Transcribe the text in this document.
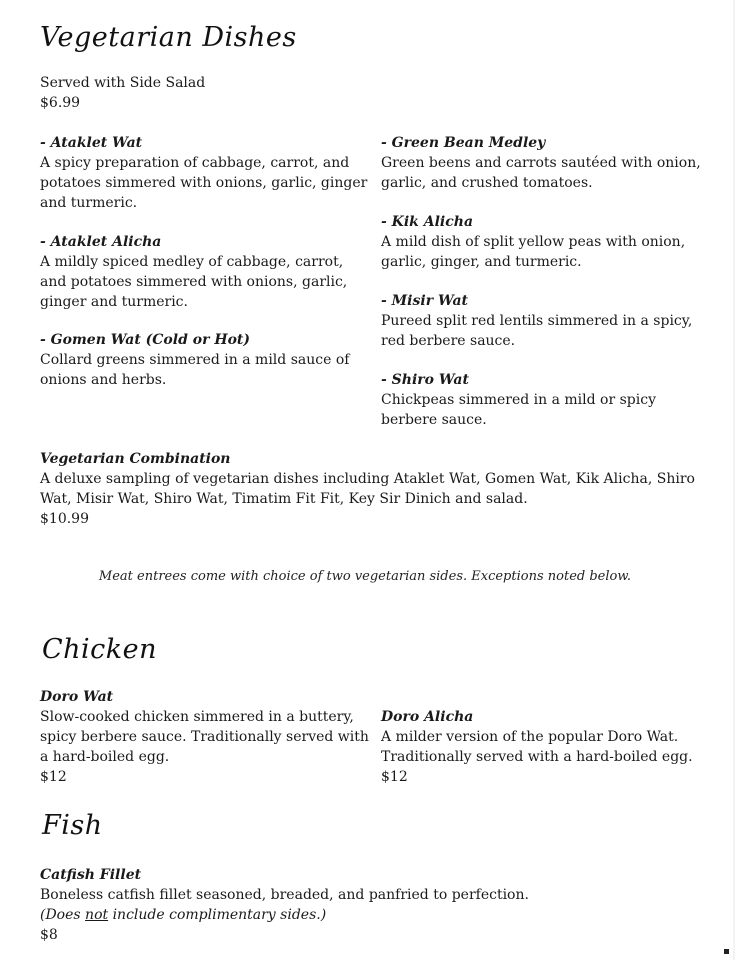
Vegetarian Dishes

Served with Side Salad

$6.99

- Ataklet Wat

A spicy preparation of cabbage, carrot, and potatoes simmered with onions, garlic, ginger and turmeric.

- Ataklet Alicha

A mildly spiced medley of cabbage, carrot, and potatoes simmered with onions, garlic, ginger and turmeric.

- Gomen Wat (Cold or Hot)

Collard greens simmered in a mild sauce of onions and herbs.

- Green Bean Medley

Green beens and carrots sautéed with onion, garlic, and crushed tomatoes.

- Kik Alicha

A mild dish of split yellow peas with onion, garlic, ginger, and turmeric.

- Misir Wat

Pureed split red lentils simmered in a spicy, red berbere sauce.

- Shiro Wat

Chickpeas simmered in a mild or spicy berbere sauce.

Vegetarian Combination

A deluxe sampling of vegetarian dishes including Ataklet Wat, Gomen Wat, Kik Alicha, Shiro Wat, Misir Wat, Shiro Wat, Timatim Fit Fit, Key Sir Dinich and salad.

$10.99

Meat entrees come with choice of two vegetarian sides. Exceptions noted below.

Chicken

Doro Wat

Slow-cooked chicken simmered in a buttery, spicy berbere sauce. Traditionally served with a hard-boiled egg.

$12

Doro Alicha

A milder version of the popular Doro Wat. Traditionally served with a hard-boiled egg.

$12

Fish

Catfish Fillet

Boneless catfish fillet seasoned, breaded, and panfried to perfection.

(Does not include complimentary sides.)

$8
